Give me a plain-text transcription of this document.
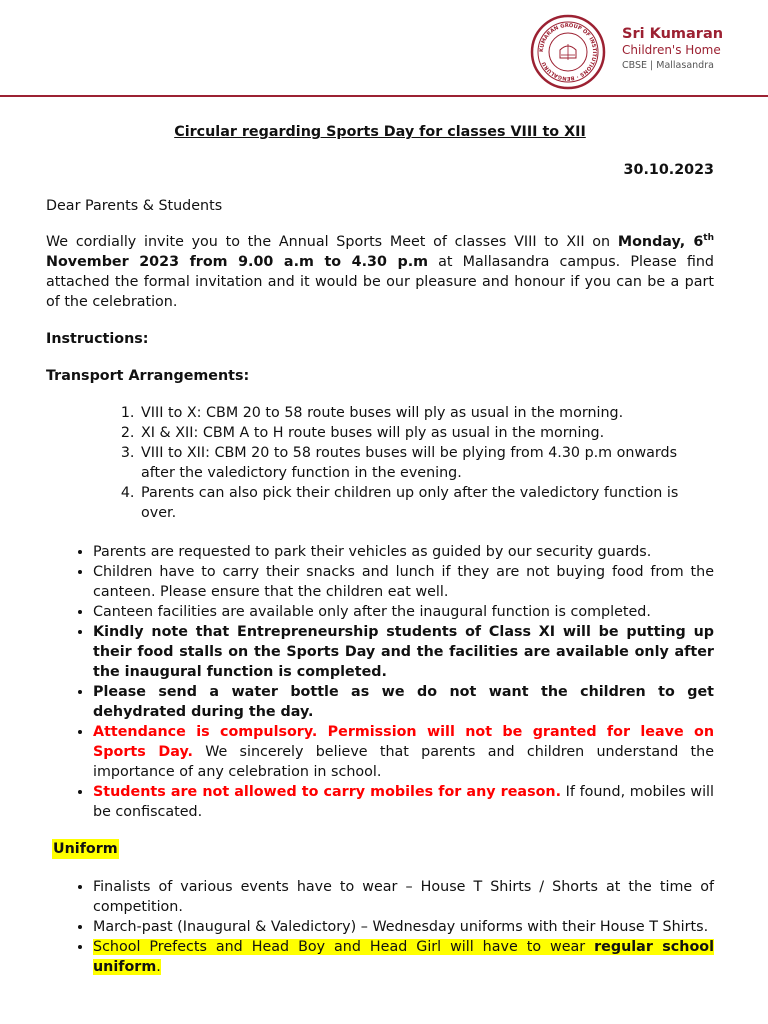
KUMARAN GROUP OF INSTITUTIONS · BENGALURU
Sri Kumaran
Children's Home
CBSE | Mallasandra
Circular regarding Sports Day for classes VIII to XII
30.10.2023
Dear Parents & Students
We cordially invite you to the Annual Sports Meet of classes VIII to XII on Monday, 6th November 2023 from 9.00 a.m to 4.30 p.m at Mallasandra campus. Please find attached the formal invitation and it would be our pleasure and honour if you can be a part of the celebration.
Instructions:
Transport Arrangements:
1. VIII to X: CBM 20 to 58 route buses will ply as usual in the morning.
2. XI & XII: CBM A to H route buses will ply as usual in the morning.
3. VIII to XII: CBM 20 to 58 routes buses will be plying from 4.30 p.m onwards after the valedictory function in the evening.
4. Parents can also pick their children up only after the valedictory function is over.
• Parents are requested to park their vehicles as guided by our security guards.
• Children have to carry their snacks and lunch if they are not buying food from the canteen. Please ensure that the children eat well.
• Canteen facilities are available only after the inaugural function is completed.
• Kindly note that Entrepreneurship students of Class XI will be putting up their food stalls on the Sports Day and the facilities are available only after the inaugural function is completed.
• Please send a water bottle as we do not want the children to get dehydrated during the day.
• Attendance is compulsory. Permission will not be granted for leave on Sports Day. We sincerely believe that parents and children understand the importance of any celebration in school.
• Students are not allowed to carry mobiles for any reason. If found, mobiles will be confiscated.
Uniform
• Finalists of various events have to wear – House T Shirts / Shorts at the time of competition.
• March-past (Inaugural & Valedictory) – Wednesday uniforms with their House T Shirts.
• School Prefects and Head Boy and Head Girl will have to wear regular school uniform.
